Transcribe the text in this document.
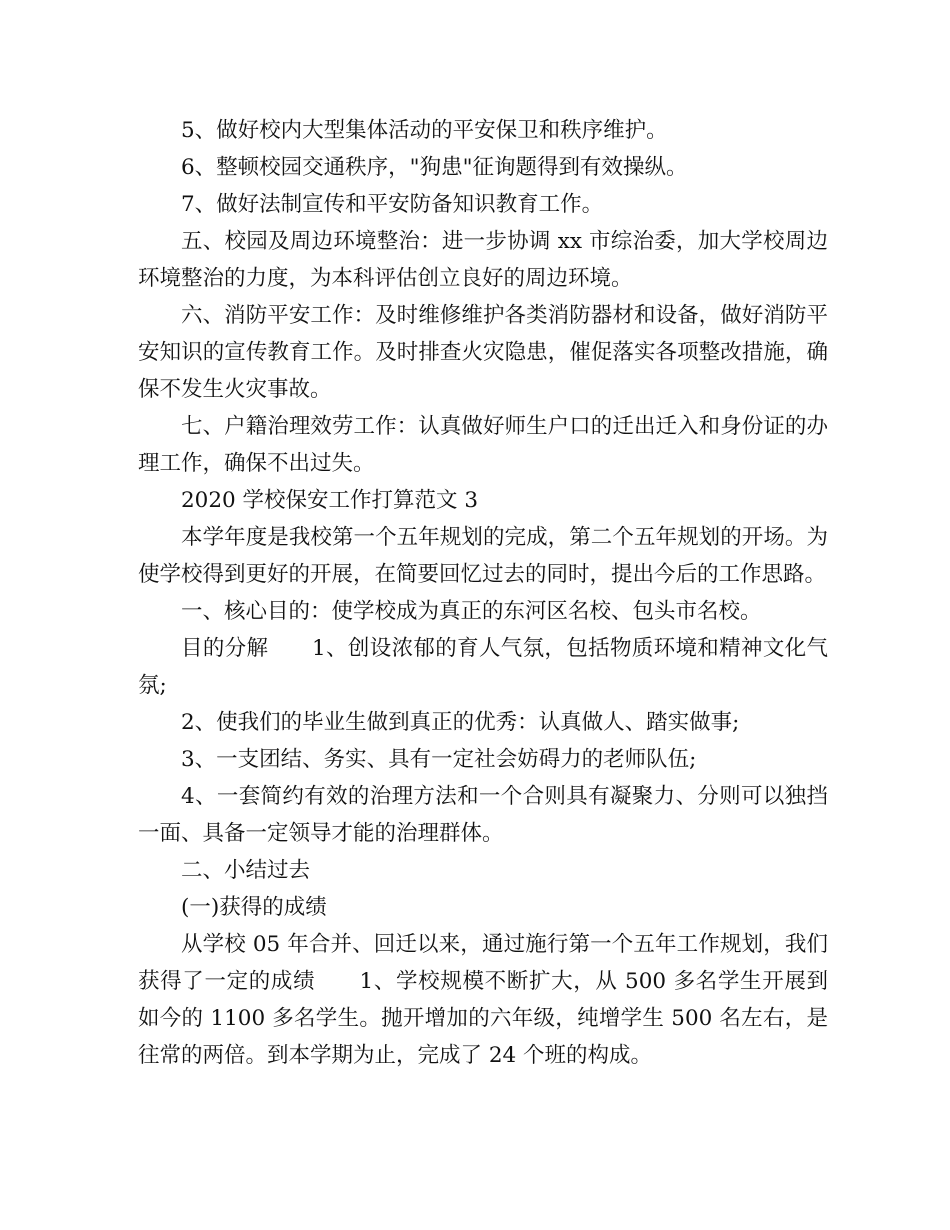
5、做好校内大型集体活动的平安保卫和秩序维护。

6、整顿校园交通秩序，"狗患"征询题得到有效操纵。

7、做好法制宣传和平安防备知识教育工作。

五、校园及周边环境整治：进一步协调 xx 市综治委，加大学校周边环境整治的力度，为本科评估创立良好的周边环境。

六、消防平安工作：及时维修维护各类消防器材和设备，做好消防平安知识的宣传教育工作。及时排查火灾隐患，催促落实各项整改措施，确保不发生火灾事故。

七、户籍治理效劳工作：认真做好师生户口的迁出迁入和身份证的办理工作，确保不出过失。

2020 学校保安工作打算范文 3

本学年度是我校第一个五年规划的完成，第二个五年规划的开场。为使学校得到更好的开展，在简要回忆过去的同时，提出今后的工作思路。

一、核心目的：使学校成为真正的东河区名校、包头市名校。

目的分解　　1、创设浓郁的育人气氛，包括物质环境和精神文化气氛;

2、使我们的毕业生做到真正的优秀：认真做人、踏实做事;

3、一支团结、务实、具有一定社会妨碍力的老师队伍;

4、一套简约有效的治理方法和一个合则具有凝聚力、分则可以独挡一面、具备一定领导才能的治理群体。

二、小结过去

(一)获得的成绩

从学校 05 年合并、回迁以来，通过施行第一个五年工作规划，我们获得了一定的成绩　　1、学校规模不断扩大，从 500 多名学生开展到如今的 1100 多名学生。抛开增加的六年级，纯增学生 500 名左右，是往常的两倍。到本学期为止，完成了 24 个班的构成。
